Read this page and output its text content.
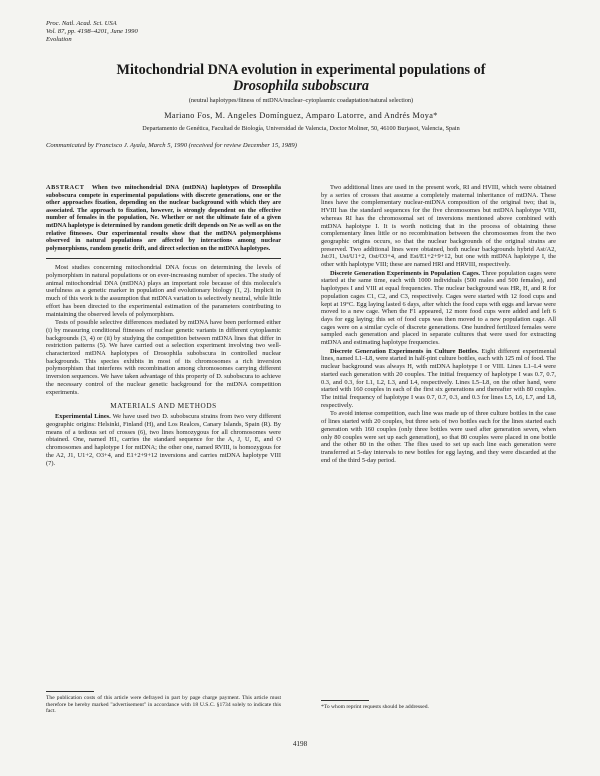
Proc. Natl. Acad. Sci. USA
Vol. 87, pp. 4198–4201, June 1990
Evolution
Mitochondrial DNA evolution in experimental populations of
Drosophila subobscura
(neutral haplotypes/fitness of mtDNA/nuclear–cytoplasmic coadaptation/natural selection)
Mariano Fos, M. Angeles Domínguez, Amparo Latorre, and Andrés Moya*
Departamento de Genética, Facultad de Biología, Universidad de Valencia, Doctor Moliner, 50, 46100 Burjasot, Valencia, Spain
Communicated by Francisco J. Ayala, March 5, 1990 (received for review December 15, 1989)
ABSTRACT When two mitochondrial DNA (mtDNA) haplotypes of Drosophila subobscura compete in experimental populations with discrete generations, one or the other approaches fixation, depending on the nuclear background with which they are associated. The approach to fixation, however, is strongly dependent on the effective number of females in the population, Ne. Whether or not the ultimate fate of a given mtDNA haplotype is determined by random genetic drift depends on Ne as well as on the relative fitnesses. Our experimental results show that the mtDNA polymorphisms observed in natural populations are affected by interactions among nuclear polymorphisms, random genetic drift, and direct selection on the mtDNA haplotypes.

Most studies concerning mitochondrial DNA focus on determining the levels of polymorphism in natural populations or on ever-increasing number of species. The study of animal mitochondrial DNA (mtDNA) plays an important role because of this molecule's usefulness as a genetic marker in population and evolutionary biology (1, 2). Implicit in much of this work is the assumption that mtDNA variation is selectively neutral, while little effort has been directed to the experimental estimation of the parameters contributing to maintaining the observed levels of polymorphism.

Tests of possible selective differences mediated by mtDNA have been performed either (i) by measuring conditional fitnesses of nuclear genetic variants in different cytoplasmic backgrounds (3, 4) or (ii) by studying the competition between mtDNA lines that differ in restriction patterns (5). We have carried out a selection experiment involving two well-characterized mtDNA haplotypes of Drosophila subobscura in controlled nuclear backgrounds. This species exhibits in most of its chromosomes a rich inversion polymorphism that interferes with recombination among chromosomes carrying different inversion sequences. We have taken advantage of this property of D. subobscura to achieve the necessary control of the nuclear genetic background for the mtDNA competition experiments.

MATERIALS AND METHODS

Experimental Lines. We have used two D. subobscura strains from two very different geographic origins: Helsinki, Finland (H), and Los Realces, Canary Islands, Spain (R). By means of a tedious set of crosses (6), two lines homozygous for all chromosomes were obtained. One, named H1, carries the standard sequence for the A, J, U, E, and O chromosomes and haplotype I for mtDNA; the other one, named RVIII, is homozygous for the A2, J1, U1+2, O3+4, and E1+2+9+12 inversions and carries mtDNA haplotype VIII (7).

The publication costs of this article were defrayed in part by page charge payment. This article must therefore be hereby marked "advertisement" in accordance with 18 U.S.C. §1734 solely to indicate this fact.

Two additional lines are used in the present work, RI and HVIII, which were obtained by a series of crosses that assume a completely maternal inheritance of mtDNA. These lines have the complementary nuclear-mtDNA composition of the original two; that is, HVIII has the standard sequences for the five chromosomes but mtDNA haplotype VIII, whereas RI has the chromosomal set of inversions mentioned above combined with mtDNA haplotype I. It is worth noticing that in the process of obtaining these complementary lines little or no recombination between the chromosomes from the two geographic origins occurs, so that the nuclear backgrounds of the original strains are preserved. Two additional lines were obtained, both nuclear backgrounds hybrid Ast/A2, Jst/J1, Ust/U1+2, Ost/O3+4, and Est/E1+2+9+12, but one with mtDNA haplotype I, the other with haplotype VIII; these are named HRI and HRVIII, respectively.

Discrete Generation Experiments in Population Cages. Three population cages were started at the same time, each with 1000 individuals (500 males and 500 females), and haplotypes I and VIII at equal frequencies. The nuclear background was HR, H, and R for population cages C1, C2, and C3, respectively. Cages were started with 12 food cups and kept at 19°C. Egg laying lasted 6 days, after which the food cups with eggs and larvae were moved to a new cage. When the F1 appeared, 12 more food cups were added and left 6 days for egg laying; this set of food cups was then moved to a new population cage. All cages were on a similar cycle of discrete generations. One hundred fertilized females were sampled each generation and placed in separate cultures that were used for extracting mtDNA and estimating haplotype frequencies.

Discrete Generation Experiments in Culture Bottles. Eight different experimental lines, named L1–L8, were started in half-pint culture bottles, each with 125 ml of food. The nuclear background was always H, with mtDNA haplotype I or VIII. Lines L1–L4 were started each generation with 20 couples. The initial frequency of haplotype I was 0.7, 0.7, 0.3, and 0.3, for L1, L2, L3, and L4, respectively. Lines L5–L8, on the other hand, were started with 160 couples in each of the first six generations and thereafter with 80 couples. The initial frequency of haplotype I was 0.7, 0.7, 0.3, and 0.3 for lines L5, L6, L7, and L8, respectively.

To avoid intense competition, each line was made up of three culture bottles in the case of lines started with 20 couples, but three sets of two bottles each for the lines started each generation with 160 couples (only three bottles were used after generation seven, when only 80 couples were set up each generation), so that 80 couples were placed in one bottle and the other 80 in the other. The flies used to set up each line each generation were transferred at 5-day intervals to new bottles for egg laying, and they were discarded at the end of the third 5-day period.

*To whom reprint requests should be addressed.
4198
